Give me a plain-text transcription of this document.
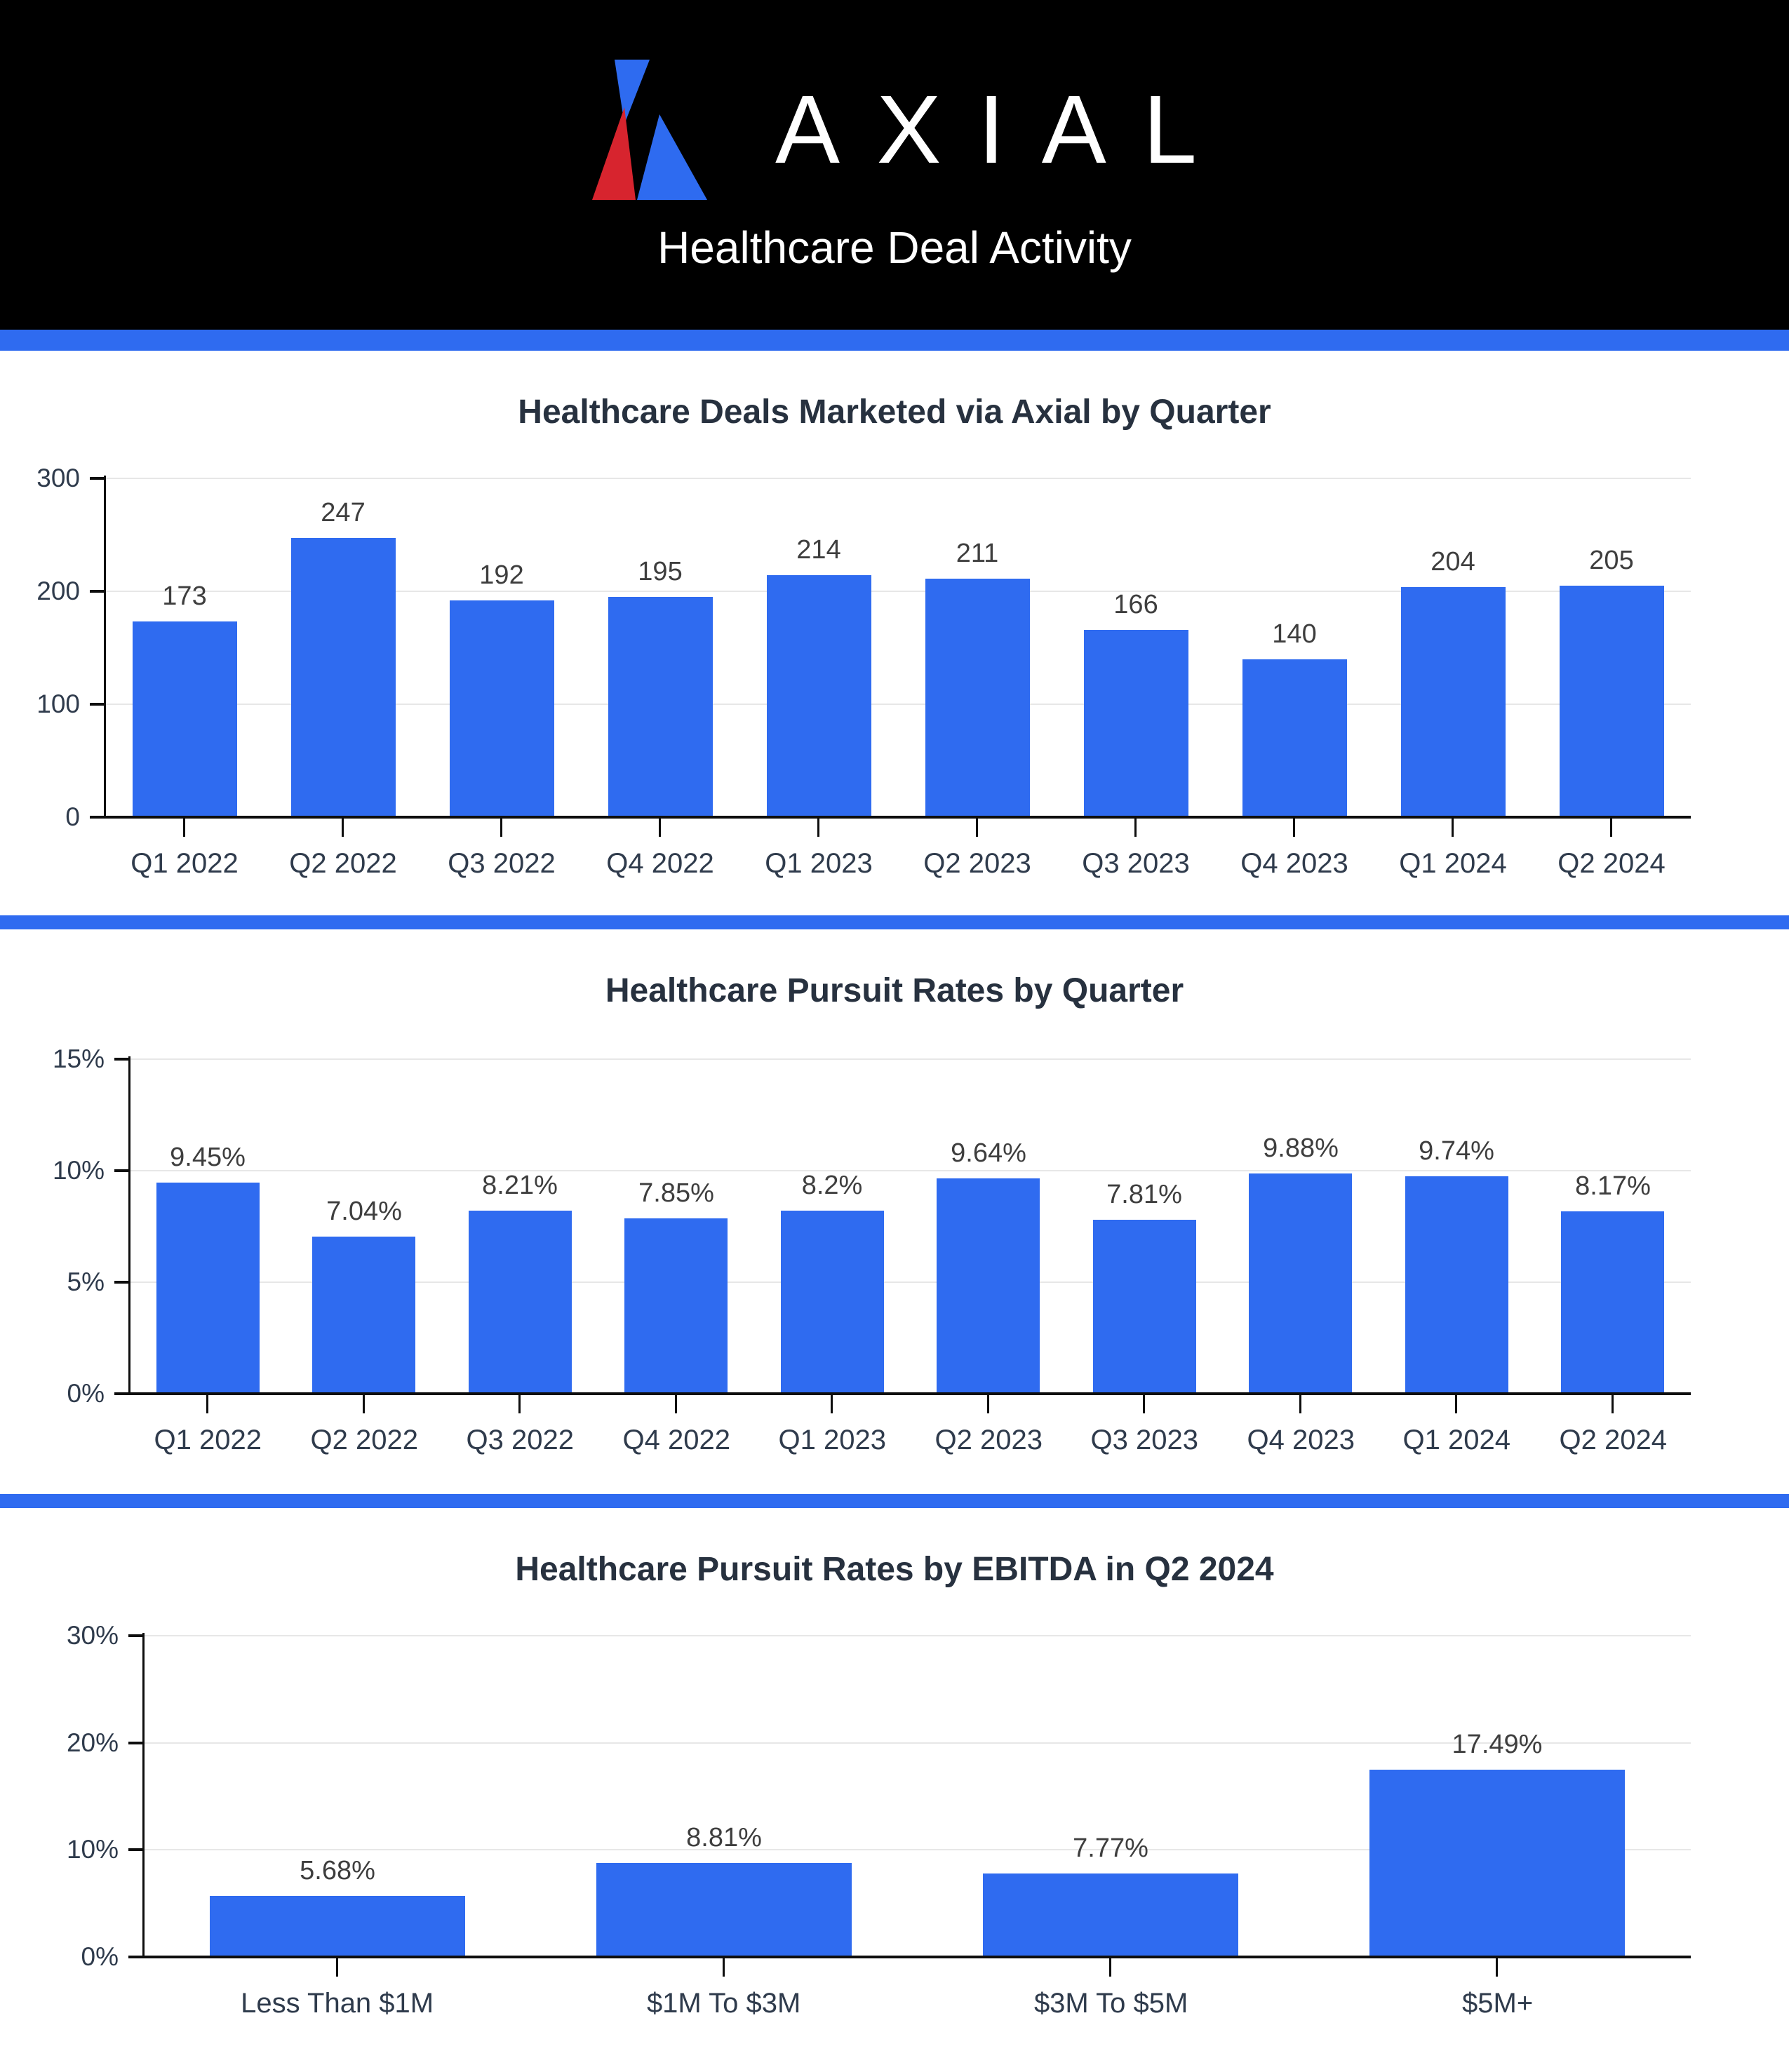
AXIAL
Healthcare Deal Activity
Healthcare Deals Marketed via Axial by Quarter
300
200
100
0
173
Q1 2022
247
Q2 2022
192
Q3 2022
195
Q4 2022
214
Q1 2023
211
Q2 2023
166
Q3 2023
140
Q4 2023
204
Q1 2024
205
Q2 2024
Healthcare Pursuit Rates by Quarter
15%
10%
5%
0%
9.45%
Q1 2022
7.04%
Q2 2022
8.21%
Q3 2022
7.85%
Q4 2022
8.2%
Q1 2023
9.64%
Q2 2023
7.81%
Q3 2023
9.88%
Q4 2023
9.74%
Q1 2024
8.17%
Q2 2024
Healthcare Pursuit Rates by EBITDA in Q2 2024
30%
20%
10%
0%
5.68%
Less Than $1M
8.81%
$1M To $3M
7.77%
$3M To $5M
17.49%
$5M+
